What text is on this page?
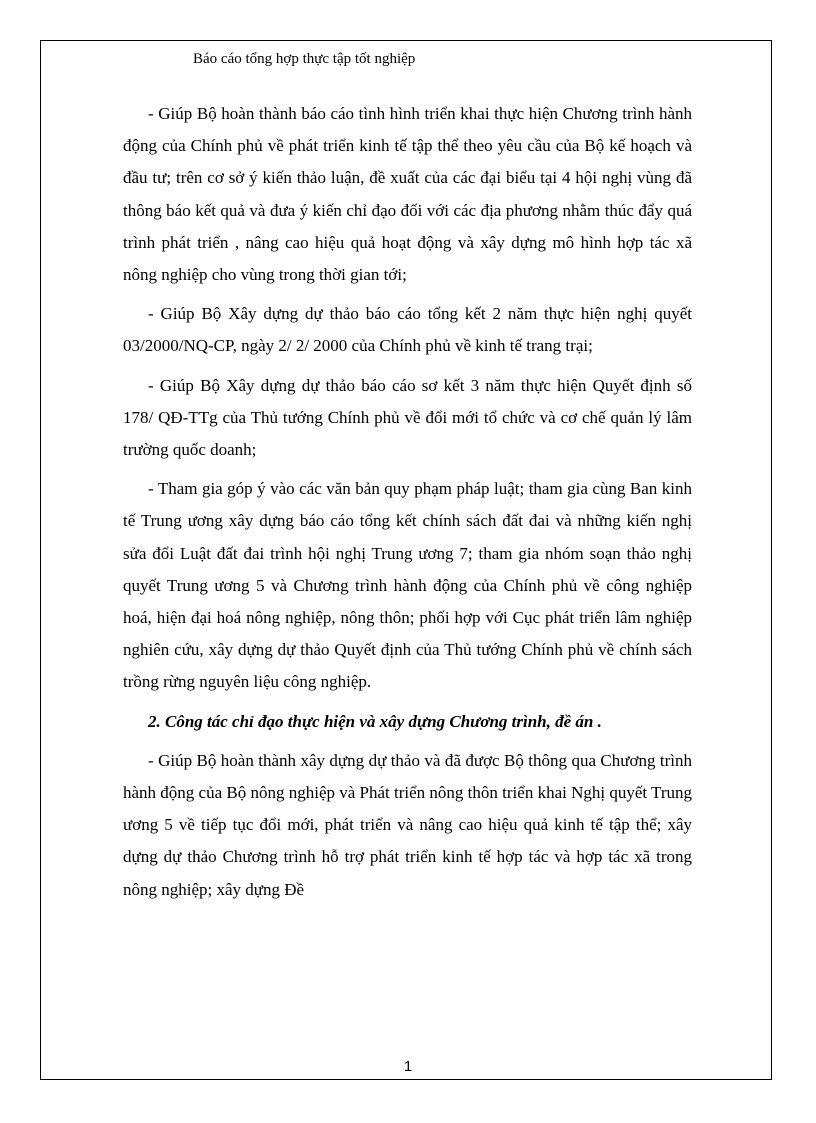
Báo cáo tổng hợp thực tập tốt nghiệp

- Giúp Bộ hoàn thành báo cáo tình hình triển khai thực hiện Chương trình hành động của Chính phủ về phát triển kinh tế tập thể theo yêu cầu của Bộ kế hoạch và đầu tư; trên cơ sở ý kiến thảo luận, đề xuất của các đại biểu tại 4 hội nghị vùng đã thông báo kết quả và đưa ý kiến chỉ đạo đối với các địa phương nhằm thúc đẩy quá trình phát triển , nâng cao hiệu quả hoạt động và xây dựng mô hình hợp tác xã nông nghiệp cho vùng trong thời gian tới;

- Giúp Bộ Xây dựng dự thảo báo cáo tổng kết 2 năm thực hiện nghị quyết 03/2000/NQ-CP, ngày 2/ 2/ 2000 của Chính phủ về kinh tế trang trại;

- Giúp Bộ Xây dựng dự thảo báo cáo sơ kết 3 năm thực hiện Quyết định số 178/ QĐ-TTg của Thủ tướng Chính phủ về đổi mới tổ chức và cơ chế quản lý lâm trường quốc doanh;

- Tham gia góp ý vào các văn bản quy phạm pháp luật; tham gia cùng Ban kinh tế Trung ương xây dựng báo cáo tổng kết chính sách đất đai và những kiến nghị sửa đổi Luật đất đai trình hội nghị Trung ương 7; tham gia nhóm soạn thảo nghị quyết Trung ương 5 và Chương trình hành động của Chính phủ về công nghiệp hoá, hiện đại hoá nông nghiệp, nông thôn; phối hợp với Cục phát triển lâm nghiệp nghiên cứu, xây dựng dự thảo Quyết định của Thủ tướng Chính phủ về chính sách trồng rừng nguyên liệu công nghiệp.

2. Công tác chỉ đạo thực hiện và xây dựng Chương trình, đề án .

- Giúp Bộ hoàn thành xây dựng dự thảo và đã được Bộ thông qua Chương trình hành động của Bộ nông nghiệp và Phát triển nông thôn triển khai Nghị quyết Trung ương 5 về tiếp tục đổi mới, phát triển và nâng cao hiệu quả kinh tế tập thể; xây dựng dự thảo Chương trình hỗ trợ phát triển kinh tế hợp tác và hợp tác xã trong nông nghiệp; xây dựng Đề

1
